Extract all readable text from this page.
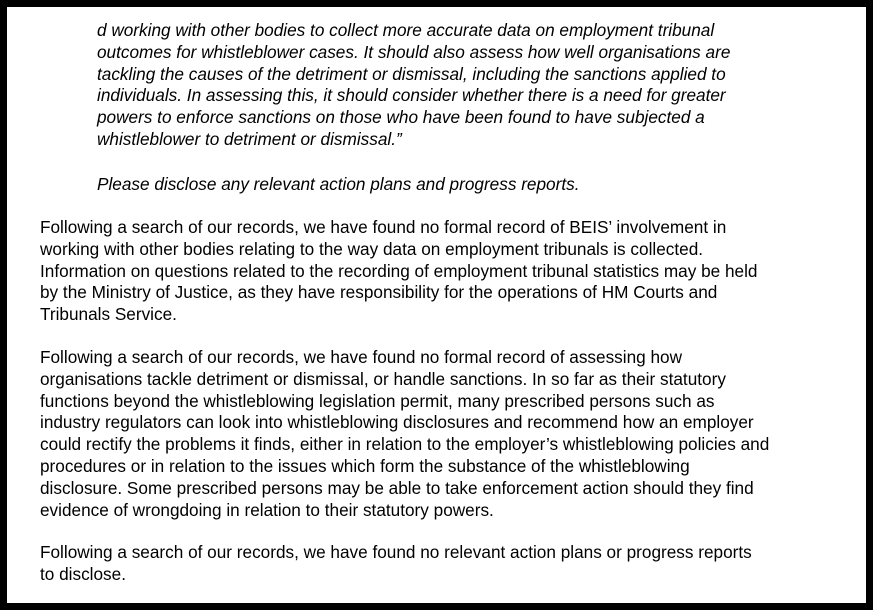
d working with other bodies to collect more accurate data on employment tribunal
outcomes for whistleblower cases. It should also assess how well organisations are
tackling the causes of the detriment or dismissal, including the sanctions applied to
individuals. In assessing this, it should consider whether there is a need for greater
powers to enforce sanctions on those who have been found to have subjected a
whistleblower to detriment or dismissal.”
Please disclose any relevant action plans and progress reports.
Following a search of our records, we have found no formal record of BEIS’ involvement in
working with other bodies relating to the way data on employment tribunals is collected.
Information on questions related to the recording of employment tribunal statistics may be held
by the Ministry of Justice, as they have responsibility for the operations of HM Courts and
Tribunals Service.
Following a search of our records, we have found no formal record of assessing how
organisations tackle detriment or dismissal, or handle sanctions. In so far as their statutory
functions beyond the whistleblowing legislation permit, many prescribed persons such as
industry regulators can look into whistleblowing disclosures and recommend how an employer
could rectify the problems it finds, either in relation to the employer’s whistleblowing policies and
procedures or in relation to the issues which form the substance of the whistleblowing
disclosure. Some prescribed persons may be able to take enforcement action should they find
evidence of wrongdoing in relation to their statutory powers.
Following a search of our records, we have found no relevant action plans or progress reports
to disclose.
